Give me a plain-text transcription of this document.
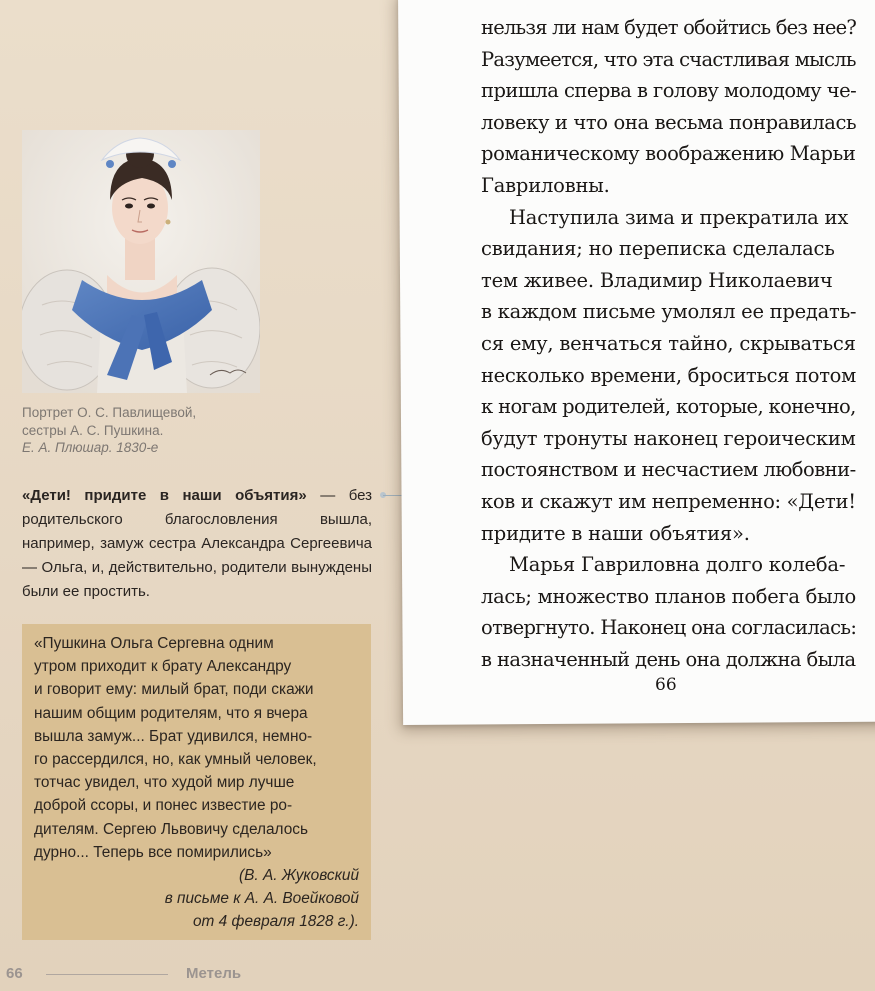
Портрет О. С. Павлищевой,
сестры А. С. Пушкина.
Е. А. Плюшар. 1830-е
«Дети! придите в наши объятия» — без родительского благословления вышла, например, замуж сестра Александра Сергеевича — Ольга, и, действительно, родители вынуждены были ее простить.
«Пушкина Ольга Сергевна одним
утром приходит к брату Александру
и говорит ему: милый брат, поди скажи
нашим общим родителям, что я вчера
вышла замуж... Брат удивился, немно-
го рассердился, но, как умный человек,
тотчас увидел, что худой мир лучше
доброй ссоры, и понес известие ро-
дителям. Сергею Львовичу сделалось
дурно... Теперь все помирились»
(В. А. Жуковский
в письме к А. А. Воейковой
от 4 февраля 1828 г.).
нельзя ли нам будет обойтись без нее?
Разумеется, что эта счастливая мысль
пришла сперва в голову молодому че-
ловеку и что она весьма понравилась
романическому воображению Марьи
Гавриловны.
Наступила зима и прекратила их
свидания; но переписка сделалась
тем живее. Владимир Николаевич
в каждом письме умолял ее предать-
ся ему, венчаться тайно, скрываться
несколько времени, броситься потом
к ногам родителей, которые, конечно,
будут тронуты наконец героическим
постоянством и несчастием любовни-
ков и скажут им непременно: «Дети!
придите в наши объятия».
Марья Гавриловна долго колеба-
лась; множество планов побега было
отвергнуто. Наконец она согласилась:
в назначенный день она должна была
66
66	Метель
